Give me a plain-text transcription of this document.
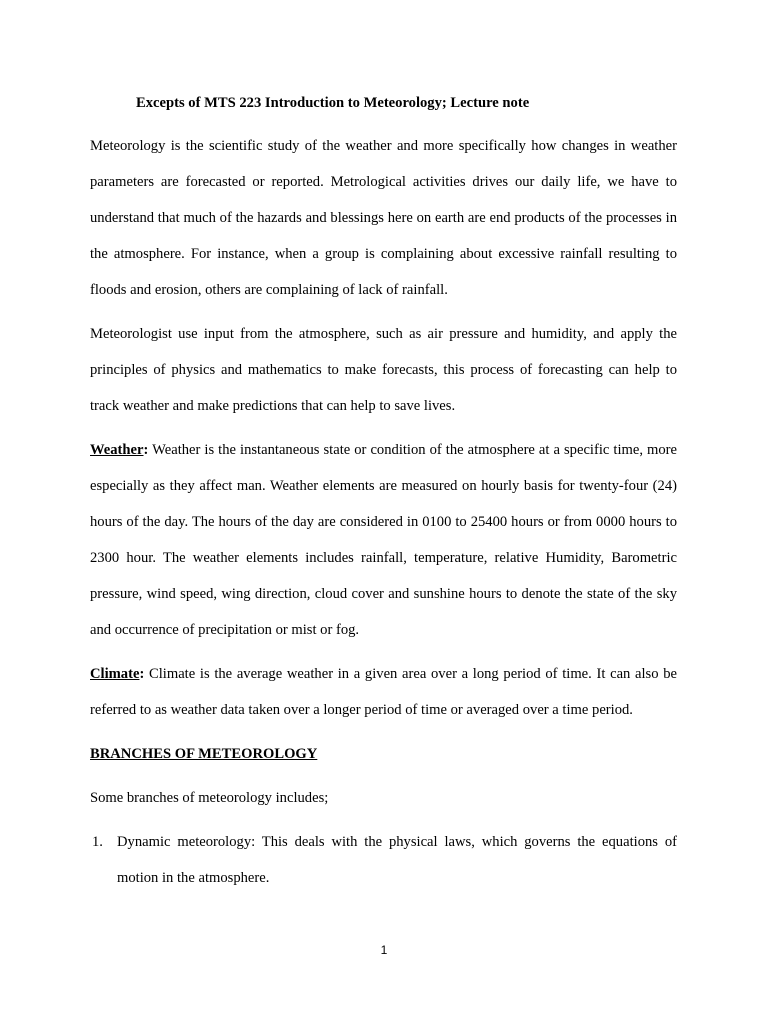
Excepts of MTS 223 Introduction to Meteorology; Lecture note

Meteorology is the scientific study of the weather and more specifically how changes in weather parameters are forecasted or reported. Metrological activities drives our daily life, we have to understand that much of the hazards and blessings here on earth are end products of the processes in the atmosphere. For instance, when a group is complaining about excessive rainfall resulting to floods and erosion, others are complaining of lack of rainfall.

Meteorologist use input from the atmosphere, such as air pressure and humidity, and apply the principles of physics and mathematics to make forecasts, this process of forecasting can help to track weather and make predictions that can help to save lives.

Weather: Weather is the instantaneous state or condition of the atmosphere at a specific time, more especially as they affect man. Weather elements are measured on hourly basis for twenty-four (24) hours of the day. The hours of the day are considered in 0100 to 25400 hours or from 0000 hours to 2300 hour. The weather elements includes rainfall, temperature, relative Humidity, Barometric pressure, wind speed, wing direction, cloud cover and sunshine hours to denote the state of the sky and occurrence of precipitation or mist or fog.

Climate: Climate is the average weather in a given area over a long period of time. It can also be referred to as weather data taken over a longer period of time or averaged over a time period.

BRANCHES OF METEOROLOGY

Some branches of meteorology includes;

1. Dynamic meteorology: This deals with the physical laws, which governs the equations of motion in the atmosphere.
1
